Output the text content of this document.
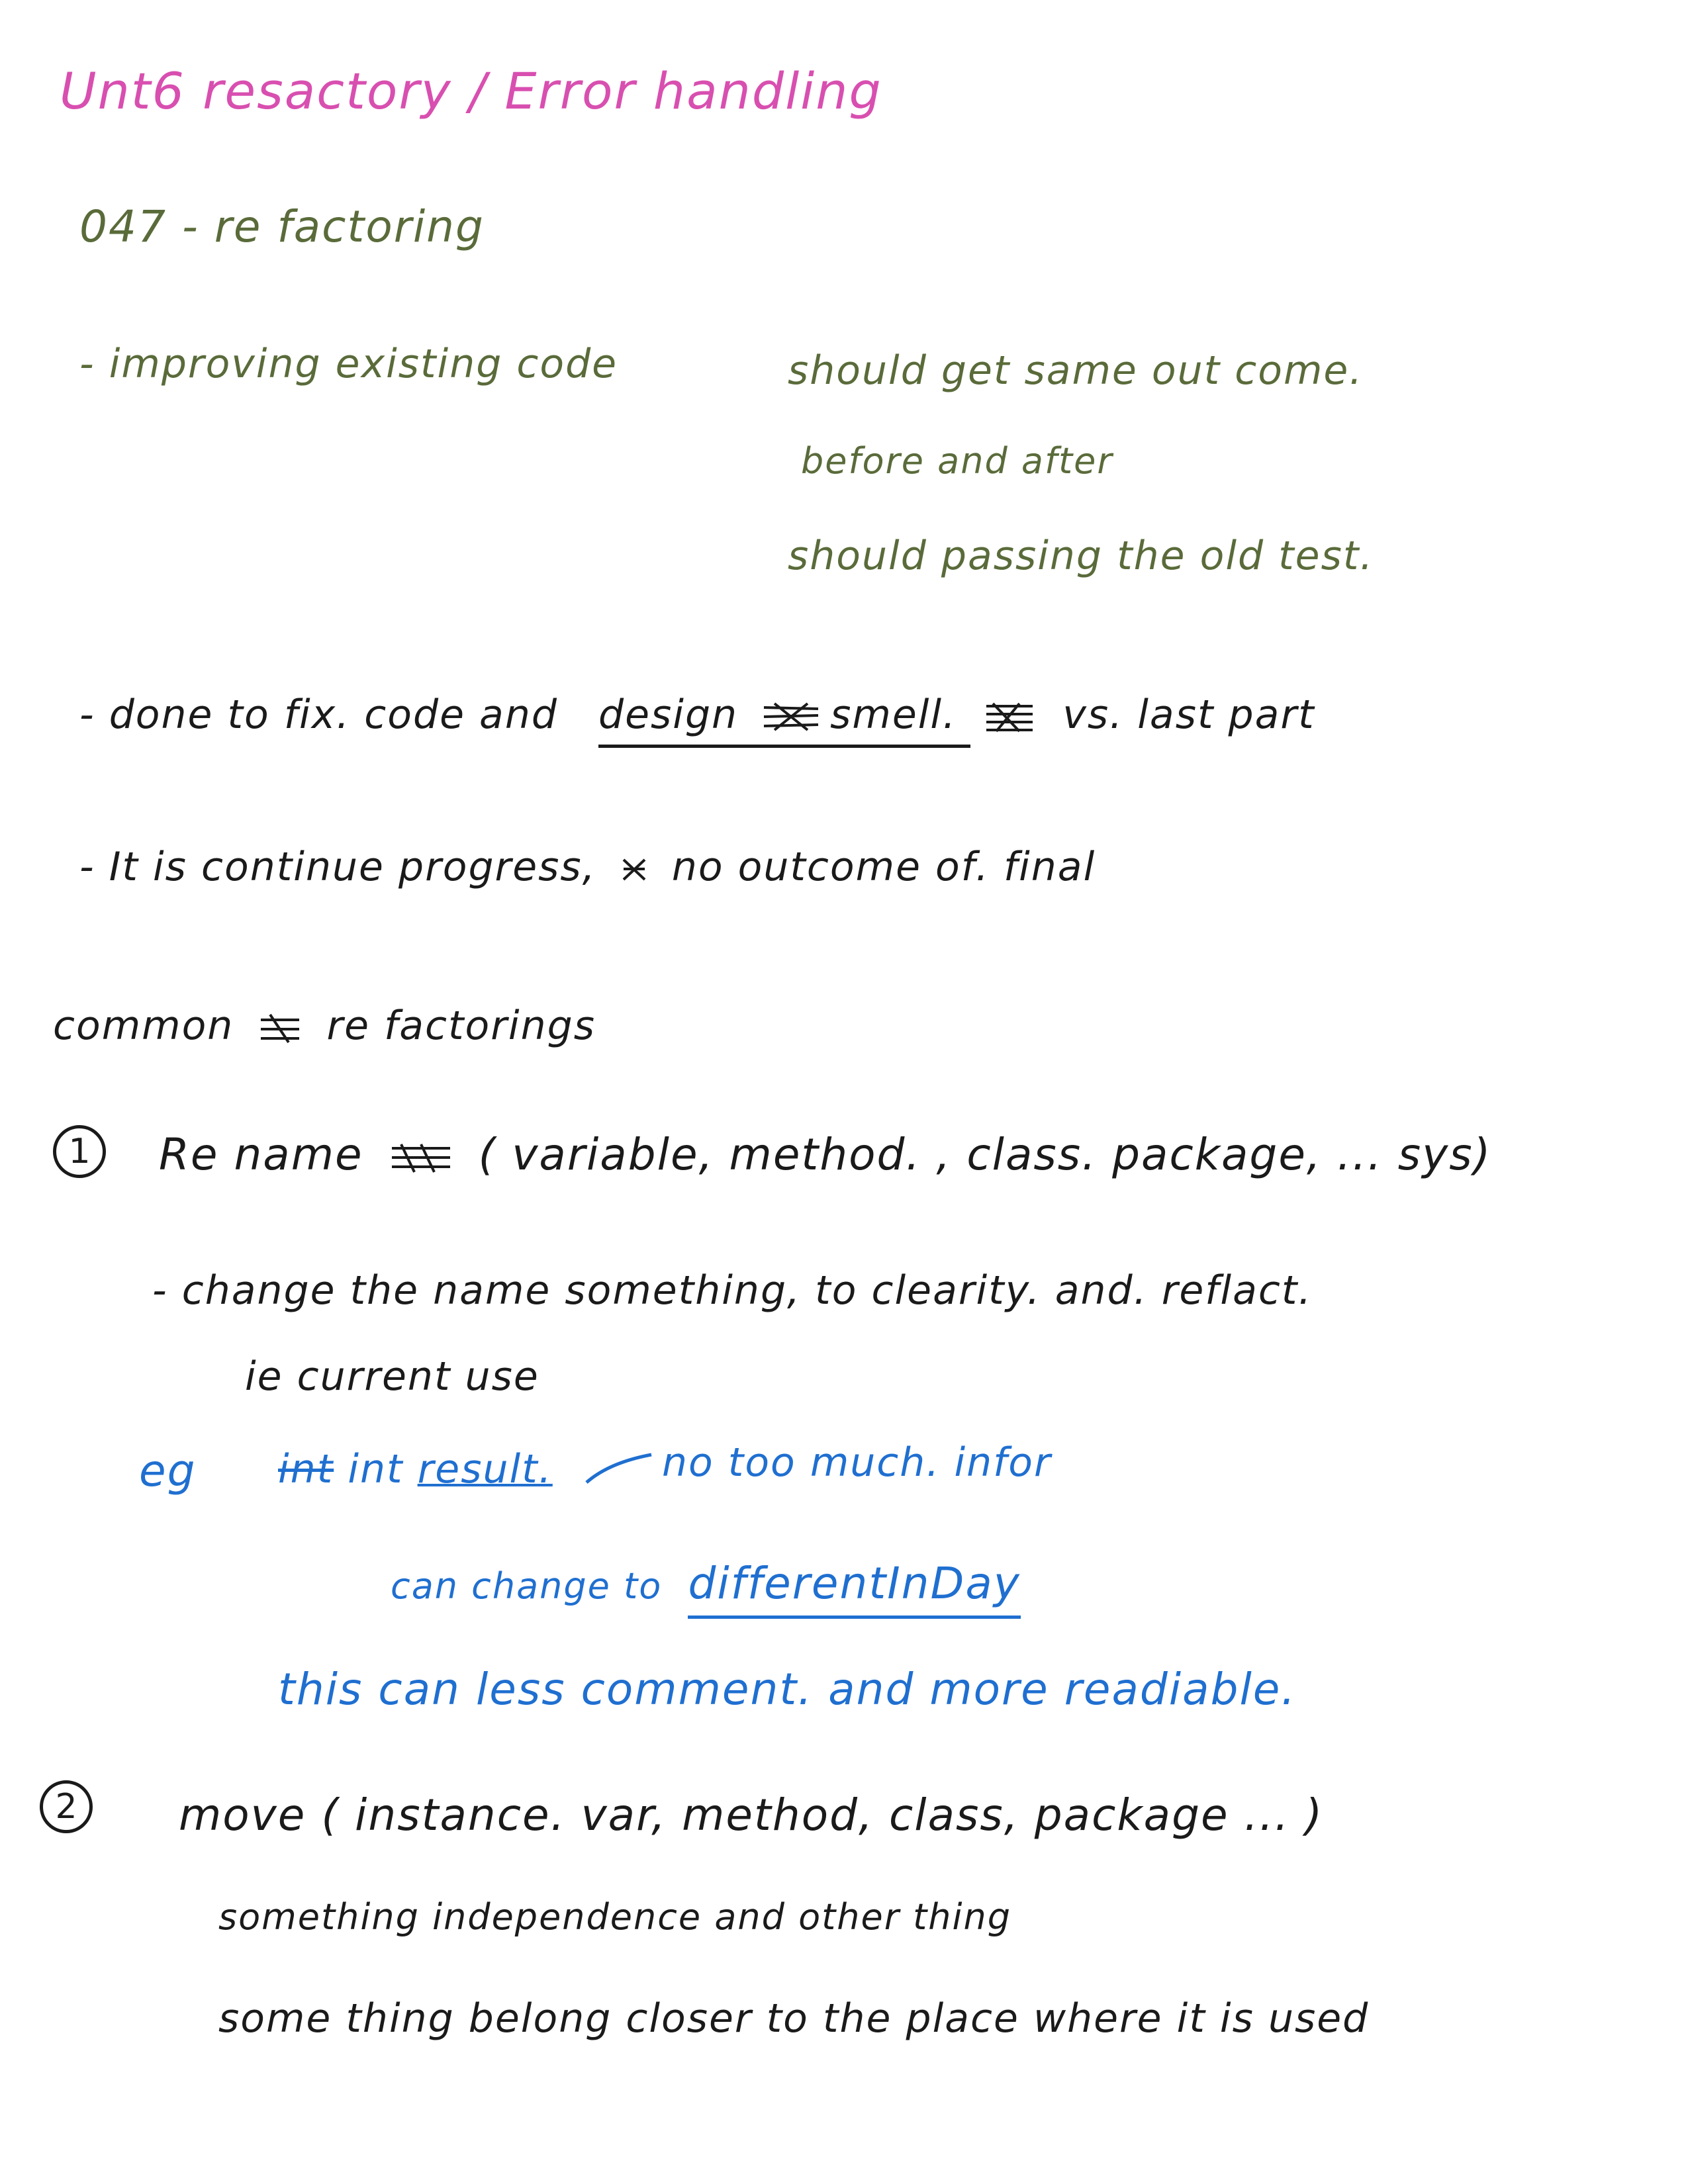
Unt6 resactory / Error handling
047 - re factoring
- improving existing code	should get same out come.
before and after
should passing the old test.
- done to fix. code and design smell.	vs. last part
- It is continue progress, no outcome of. final
common re factorings
1	Re name	( variable, method. , class. package, ... sys)
- change the name something, to clearity. and. reflact.
ie current use
eg int int result.	no too much. infor
can change to differentInDay
this can less comment. and more readiable.
2	move ( instance. var, method, class, package ... )
something independence and other thing
some thing belong closer to the place where it is used
